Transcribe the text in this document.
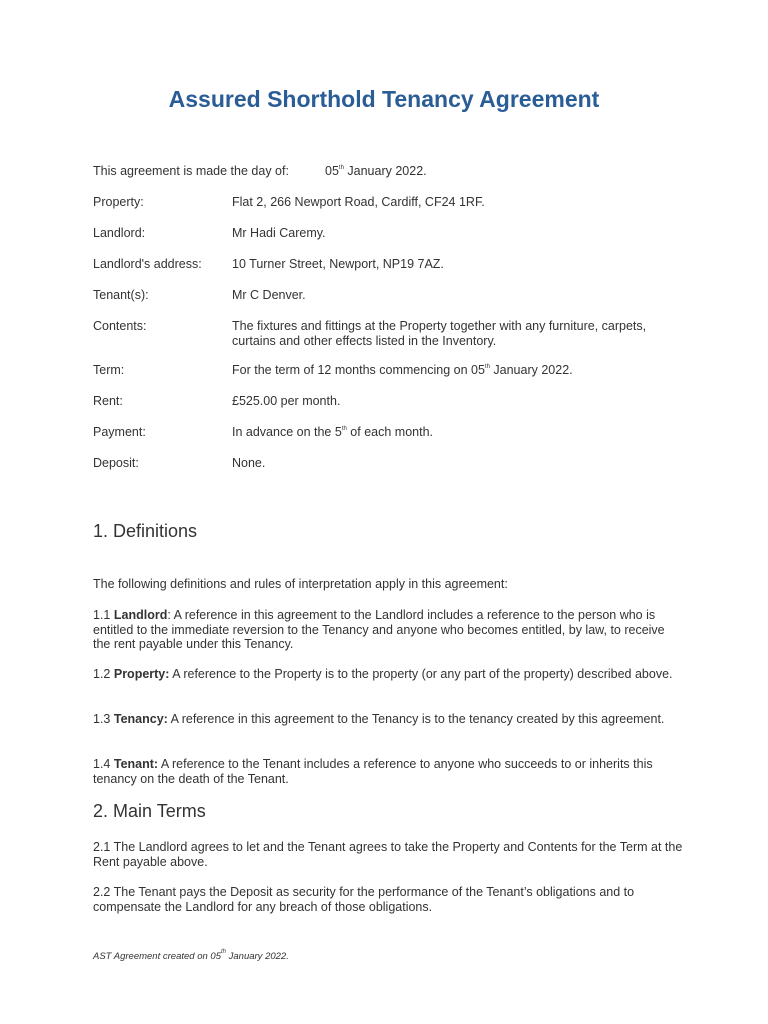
Assured Shorthold Tenancy Agreement
This agreement is made the day of:	05th January 2022.
Property:	Flat 2, 266 Newport Road, Cardiff, CF24 1RF.
Landlord:	Mr Hadi Caremy.
Landlord's address:	10 Turner Street, Newport, NP19 7AZ.
Tenant(s):	Mr C Denver.
Contents:	The fixtures and fittings at the Property together with any furniture, carpets, curtains and other effects listed in the Inventory.
Term:	For the term of 12 months commencing on 05th January 2022.
Rent:	£525.00 per month.
Payment:	In advance on the 5th of each month.
Deposit:	None.
1. Definitions

The following definitions and rules of interpretation apply in this agreement:

1.1 Landlord: A reference in this agreement to the Landlord includes a reference to the person who is entitled to the immediate reversion to the Tenancy and anyone who becomes entitled, by law, to receive the rent payable under this Tenancy.

1.2 Property: A reference to the Property is to the property (or any part of the property) described above.

1.3 Tenancy: A reference in this agreement to the Tenancy is to the tenancy created by this agreement.

1.4 Tenant: A reference to the Tenant includes a reference to anyone who succeeds to or inherits this tenancy on the death of the Tenant.

2. Main Terms

2.1 The Landlord agrees to let and the Tenant agrees to take the Property and Contents for the Term at the Rent payable above.

2.2 The Tenant pays the Deposit as security for the performance of the Tenant’s obligations and to compensate the Landlord for any breach of those obligations.

AST Agreement created on 05th January 2022.
